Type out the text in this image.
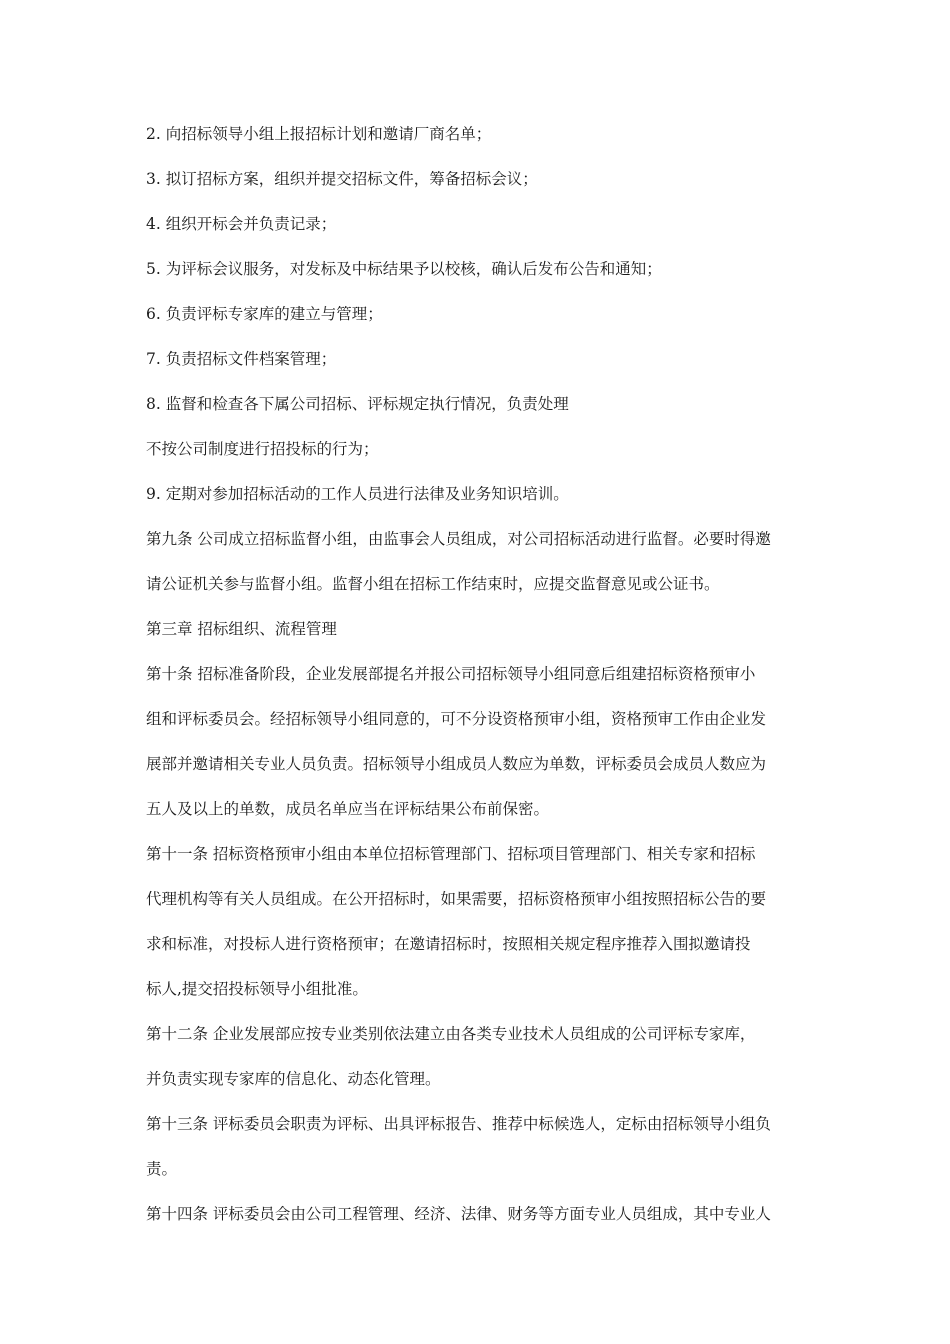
2. 向招标领导小组上报招标计划和邀请厂商名单；
3. 拟订招标方案，组织并提交招标文件，筹备招标会议；
4. 组织开标会并负责记录；
5. 为评标会议服务，对发标及中标结果予以校核，确认后发布公告和通知；
6. 负责评标专家库的建立与管理；
7. 负责招标文件档案管理；
8. 监督和检查各下属公司招标、评标规定执行情况，负责处理
不按公司制度进行招投标的行为；
9. 定期对参加招标活动的工作人员进行法律及业务知识培训。
第九条 公司成立招标监督小组，由监事会人员组成，对公司招标活动进行监督。必要时得邀
请公证机关参与监督小组。监督小组在招标工作结束时，应提交监督意见或公证书。
第三章 招标组织、流程管理
第十条 招标准备阶段，企业发展部提名并报公司招标领导小组同意后组建招标资格预审小
组和评标委员会。经招标领导小组同意的，可不分设资格预审小组，资格预审工作由企业发
展部并邀请相关专业人员负责。招标领导小组成员人数应为单数，评标委员会成员人数应为
五人及以上的单数，成员名单应当在评标结果公布前保密。
第十一条 招标资格预审小组由本单位招标管理部门、招标项目管理部门、相关专家和招标
代理机构等有关人员组成。在公开招标时，如果需要，招标资格预审小组按照招标公告的要
求和标准，对投标人进行资格预审；在邀请招标时，按照相关规定程序推荐入围拟邀请投
标人,提交招投标领导小组批准。
第十二条 企业发展部应按专业类别依法建立由各类专业技术人员组成的公司评标专家库，
并负责实现专家库的信息化、动态化管理。
第十三条 评标委员会职责为评标、出具评标报告、推荐中标候选人，定标由招标领导小组负
责。
第十四条 评标委员会由公司工程管理、经济、法律、财务等方面专业人员组成，其中专业人
